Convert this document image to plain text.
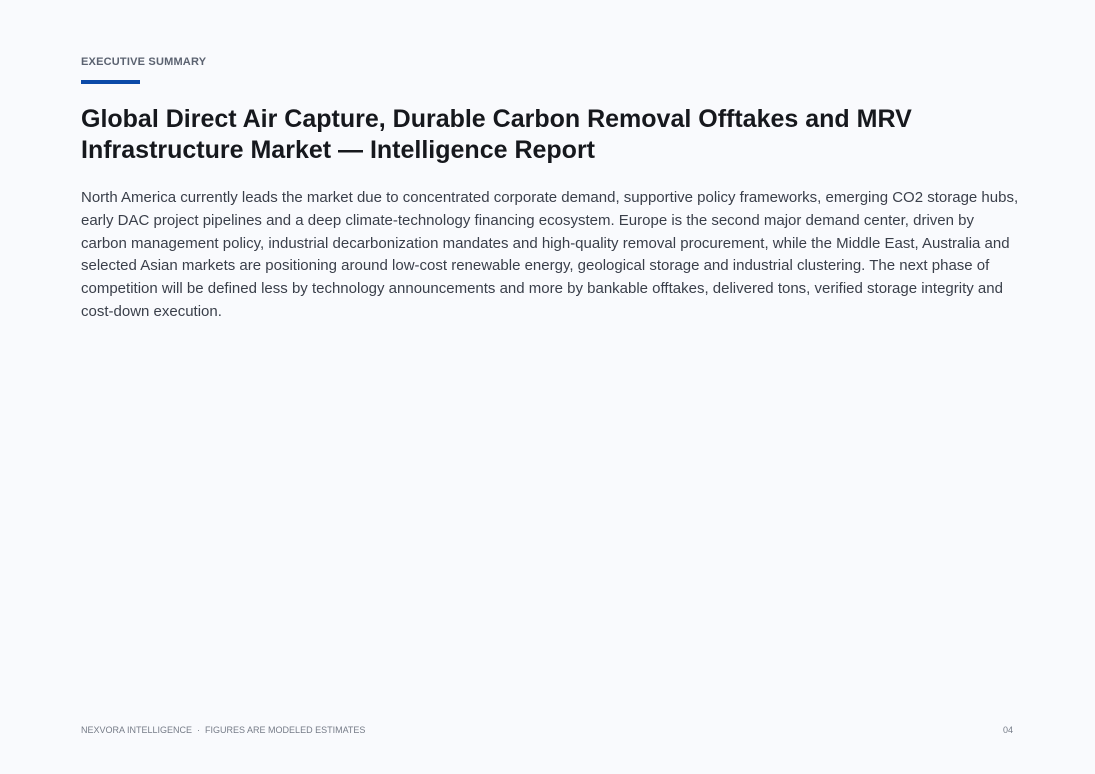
EXECUTIVE SUMMARY
Global Direct Air Capture, Durable Carbon Removal Offtakes and MRV Infrastructure Market — Intelligence Report

North America currently leads the market due to concentrated corporate demand, supportive policy frameworks, emerging CO2 storage hubs, early DAC project pipelines and a deep climate-technology financing ecosystem. Europe is the second major demand center, driven by carbon management policy, industrial decarbonization mandates and high-quality removal procurement, while the Middle East, Australia and selected Asian markets are positioning around low-cost renewable energy, geological storage and industrial clustering. The next phase of competition will be defined less by technology announcements and more by bankable offtakes, delivered tons, verified storage integrity and cost-down execution.

NEXVORA INTELLIGENCE · FIGURES ARE MODELED ESTIMATES	04
